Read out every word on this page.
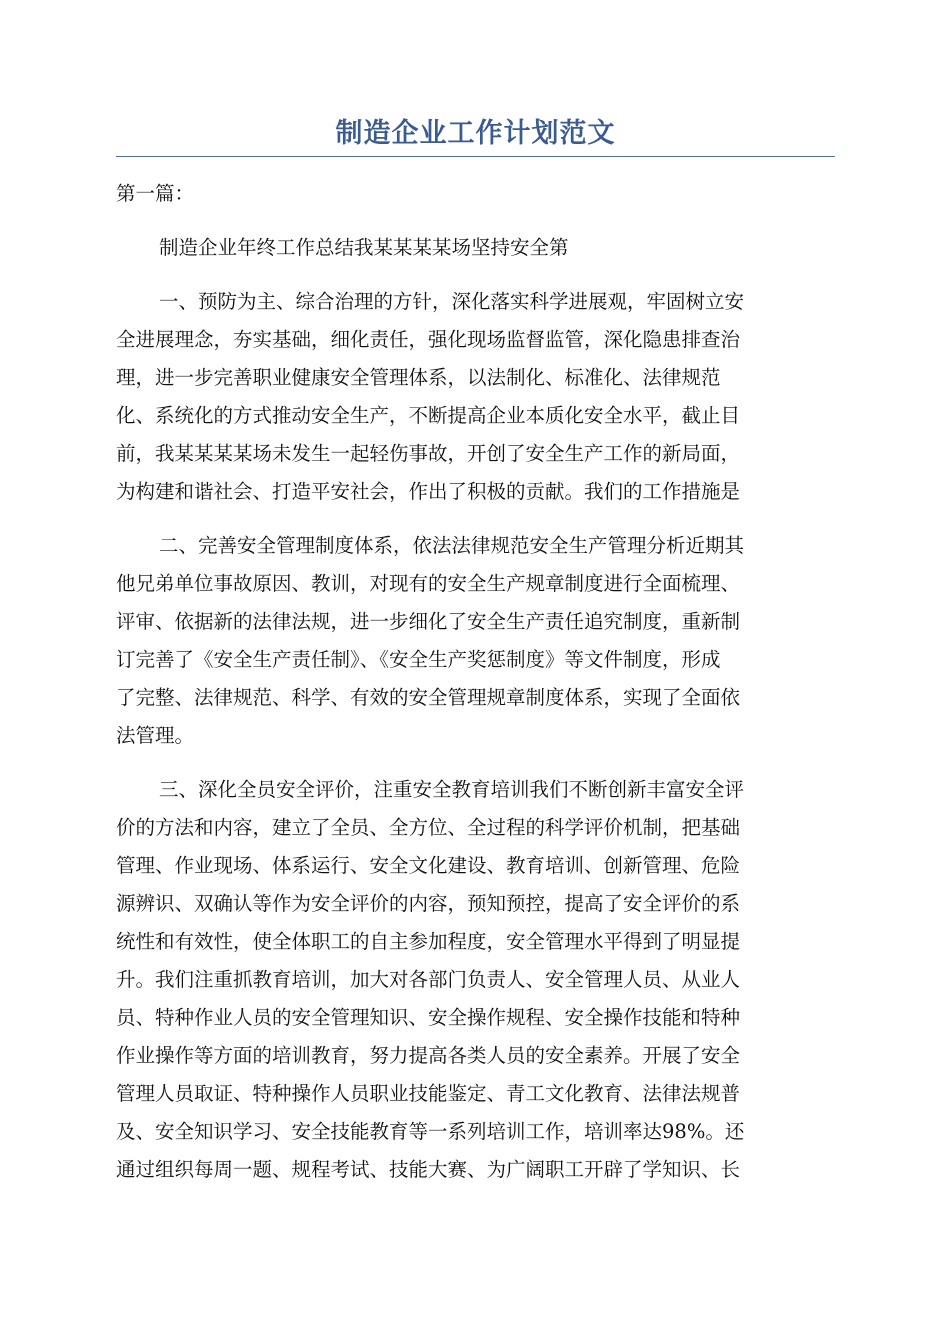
制造企业工作计划范文
第一篇：
制造企业年终工作总结我某某某某场坚持安全第
一、预防为主、综合治理的方针，深化落实科学进展观，牢固树立安
全进展理念，夯实基础，细化责任，强化现场监督监管，深化隐患排查治
理，进一步完善职业健康安全管理体系，以法制化、标准化、法律规范
化、系统化的方式推动安全生产，不断提高企业本质化安全水平，截止目
前，我某某某某场未发生一起轻伤事故，开创了安全生产工作的新局面，
为构建和谐社会、打造平安社会，作出了积极的贡献。我们的工作措施是
二、完善安全管理制度体系，依法法律规范安全生产管理分析近期其
他兄弟单位事故原因、教训，对现有的安全生产规章制度进行全面梳理、
评审、依据新的法律法规，进一步细化了安全生产责任追究制度，重新制
订完善了《安全生产责任制》、《安全生产奖惩制度》等文件制度，形成
了完整、法律规范、科学、有效的安全管理规章制度体系，实现了全面依
法管理。
三、深化全员安全评价，注重安全教育培训我们不断创新丰富安全评
价的方法和内容，建立了全员、全方位、全过程的科学评价机制，把基础
管理、作业现场、体系运行、安全文化建设、教育培训、创新管理、危险
源辨识、双确认等作为安全评价的内容，预知预控，提高了安全评价的系
统性和有效性，使全体职工的自主参加程度，安全管理水平得到了明显提
升。我们注重抓教育培训，加大对各部门负责人、安全管理人员、从业人
员、特种作业人员的安全管理知识、安全操作规程、安全操作技能和特种
作业操作等方面的培训教育，努力提高各类人员的安全素养。开展了安全
管理人员取证、特种操作人员职业技能鉴定、青工文化教育、法律法规普
及、安全知识学习、安全技能教育等一系列培训工作，培训率达98%。还
通过组织每周一题、规程考试、技能大赛、为广阔职工开辟了学知识、长
